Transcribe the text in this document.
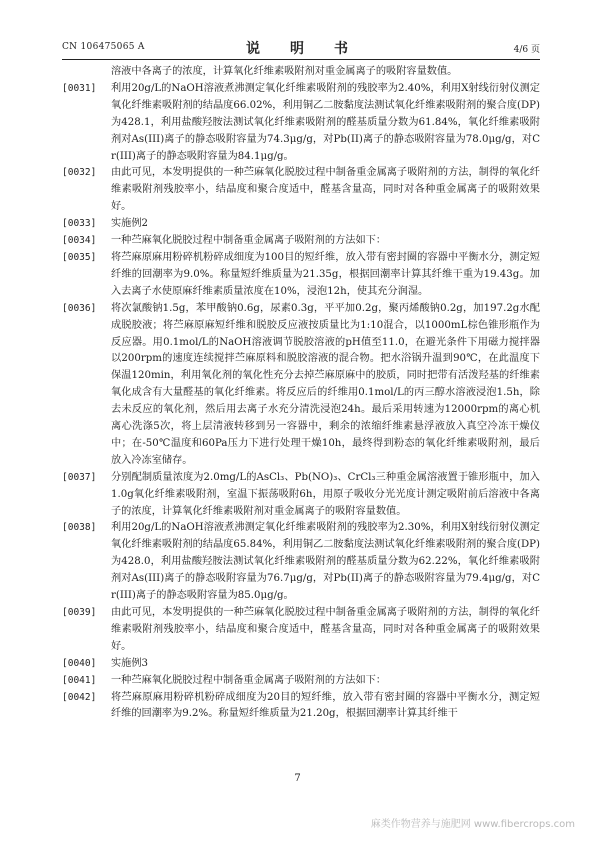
CN 106475065 A	说　明　书	4/6 页
溶液中各离子的浓度，计算氧化纤维素吸附剂对重金属离子的吸附容量数值。
[0031]	利用20g/L的NaOH溶液煮沸测定氧化纤维素吸附剂的残胶率为2.40%，利用X射线衍射仪测定氧化纤维素吸附剂的结晶度66.02%，利用铜乙二胺黏度法测试氧化纤维素吸附剂的聚合度(DP)为428.1，利用盐酸羟胺法测试氧化纤维素吸附剂的醛基质量分数为61.84%，氧化纤维素吸附剂对As(III)离子的静态吸附容量为74.3μg/g，对Pb(II)离子的静态吸附容量为78.0μg/g，对Cr(III)离子的静态吸附容量为84.1μg/g。
[0032]	由此可见，本发明提供的一种苎麻氧化脱胶过程中制备重金属离子吸附剂的方法，制得的氧化纤维素吸附剂残胶率小，结晶度和聚合度适中，醛基含量高，同时对各种重金属离子的吸附效果好。
[0033]	实施例2
[0034]	一种苎麻氧化脱胶过程中制备重金属离子吸附剂的方法如下：
[0035]	将苎麻原麻用粉碎机粉碎成细度为100目的短纤维，放入带有密封圈的容器中平衡水分，测定短纤维的回潮率为9.0%。称量短纤维质量为21.35g，根据回潮率计算其纤维干重为19.43g。加入去离子水使原麻纤维素质量浓度在10%，浸泡12h，使其充分润湿。
[0036]	将次氯酸钠1.5g，苯甲酸钠0.6g，尿素0.3g，平平加0.2g，聚丙烯酸钠0.2g，加197.2g水配成脱胶液；将苎麻原麻短纤维和脱胶反应液按质量比为1:10混合，以1000mL棕色锥形瓶作为反应器。用0.1mol/L的NaOH溶液调节脱胶溶液的pH值至11.0，在避光条件下用磁力搅拌器以200rpm的速度连续搅拌苎麻原料和脱胶溶液的混合物。把水浴锅升温到90℃，在此温度下保温120min，利用氧化剂的氧化性充分去掉苎麻原麻中的胶质，同时把带有活泼羟基的纤维素氧化成含有大量醛基的氧化纤维素。将反应后的纤维用0.1mol/L的丙三醇水溶液浸泡1.5h，除去未反应的氧化剂，然后用去离子水充分清洗浸泡24h。最后采用转速为12000rpm的离心机离心洗涤5次，将上层清液转移到另一容器中，剩余的浓缩纤维素悬浮液放入真空冷冻干燥仪中；在-50℃温度和60Pa压力下进行处理干燥10h，最终得到粉态的氧化纤维素吸附剂，最后放入冷冻室储存。
[0037]	分别配制质量浓度为2.0mg/L的AsCl₃、Pb(NO)₃、CrCl₃三种重金属溶液置于锥形瓶中，加入1.0g氧化纤维素吸附剂，室温下振荡吸附6h，用原子吸收分光光度计测定吸附前后溶液中各离子的浓度，计算氧化纤维素吸附剂对重金属离子的吸附容量数值。
[0038]	利用20g/L的NaOH溶液煮沸测定氧化纤维素吸附剂的残胶率为2.30%，利用X射线衍射仪测定氧化纤维素吸附剂的结晶度65.84%，利用铜乙二胺黏度法测试氧化纤维素吸附剂的聚合度(DP)为428.0，利用盐酸羟胺法测试氧化纤维素吸附剂的醛基质量分数为62.22%，氧化纤维素吸附剂对As(III)离子的静态吸附容量为76.7μg/g，对Pb(II)离子的静态吸附容量为79.4μg/g，对Cr(III)离子的静态吸附容量为85.0μg/g。
[0039]	由此可见，本发明提供的一种苎麻氧化脱胶过程中制备重金属离子吸附剂的方法，制得的氧化纤维素吸附剂残胶率小，结晶度和聚合度适中，醛基含量高，同时对各种重金属离子的吸附效果好。
[0040]	实施例3
[0041]	一种苎麻氧化脱胶过程中制备重金属离子吸附剂的方法如下：
[0042]	将苎麻原麻用粉碎机粉碎成细度为20目的短纤维，放入带有密封圈的容器中平衡水分，测定短纤维的回潮率为9.2%。称量短纤维质量为21.20g，根据回潮率计算其纤维干
7
麻类作物营养与施肥网 www.fibercrops.com
